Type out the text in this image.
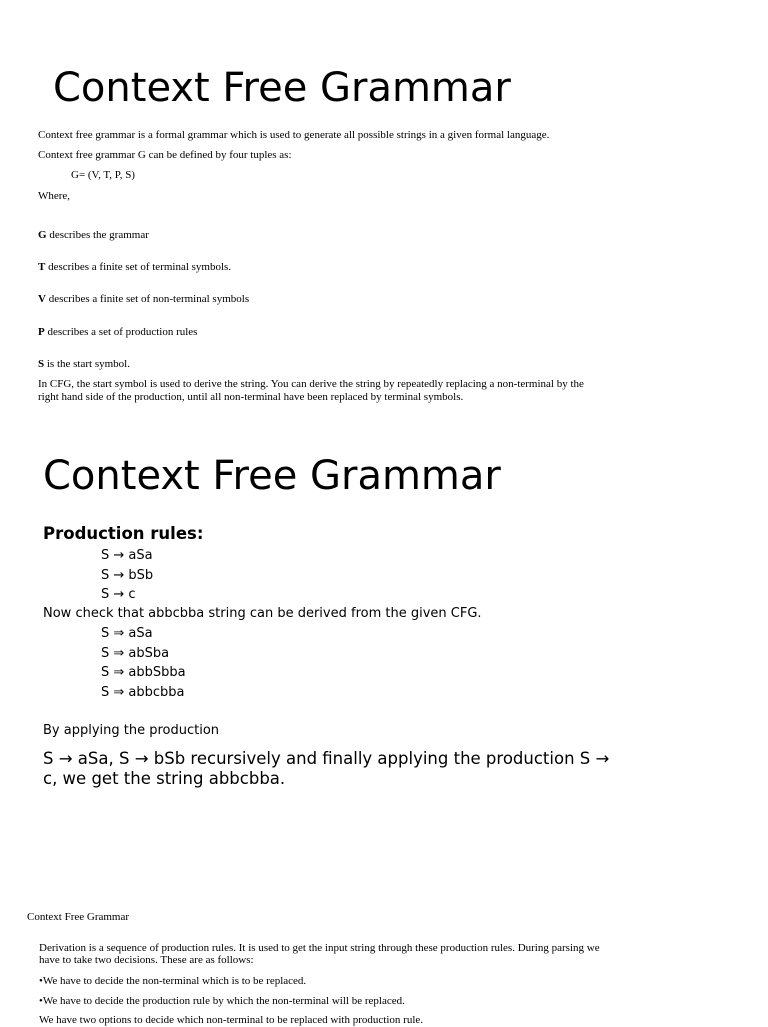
Context Free Grammar
Context free grammar is a formal grammar which is used to generate all possible strings in a given formal language.
Context free grammar G can be defined by four tuples as:
G= (V, T, P, S)
Where,
G describes the grammar
T describes a finite set of terminal symbols.
V describes a finite set of non-terminal symbols
P describes a set of production rules
S is the start symbol.
In CFG, the start symbol is used to derive the string. You can derive the string by repeatedly replacing a non-terminal by the right hand side of the production, until all non-terminal have been replaced by terminal symbols.
Context Free Grammar
Production rules:
S → aSa
S → bSb
S → c
Now check that abbcbba string can be derived from the given CFG.
S ⇒ aSa
S ⇒ abSba
S ⇒ abbSbba
S ⇒ abbcbba
By applying the production
S → aSa, S → bSb recursively and finally applying the production S → c, we get the string abbcbba.
Context Free Grammar
Derivation is a sequence of production rules. It is used to get the input string through these production rules. During parsing we have to take two decisions. These are as follows:
•We have to decide the non-terminal which is to be replaced.
•We have to decide the production rule by which the non-terminal will be replaced.
We have two options to decide which non-terminal to be replaced with production rule.
